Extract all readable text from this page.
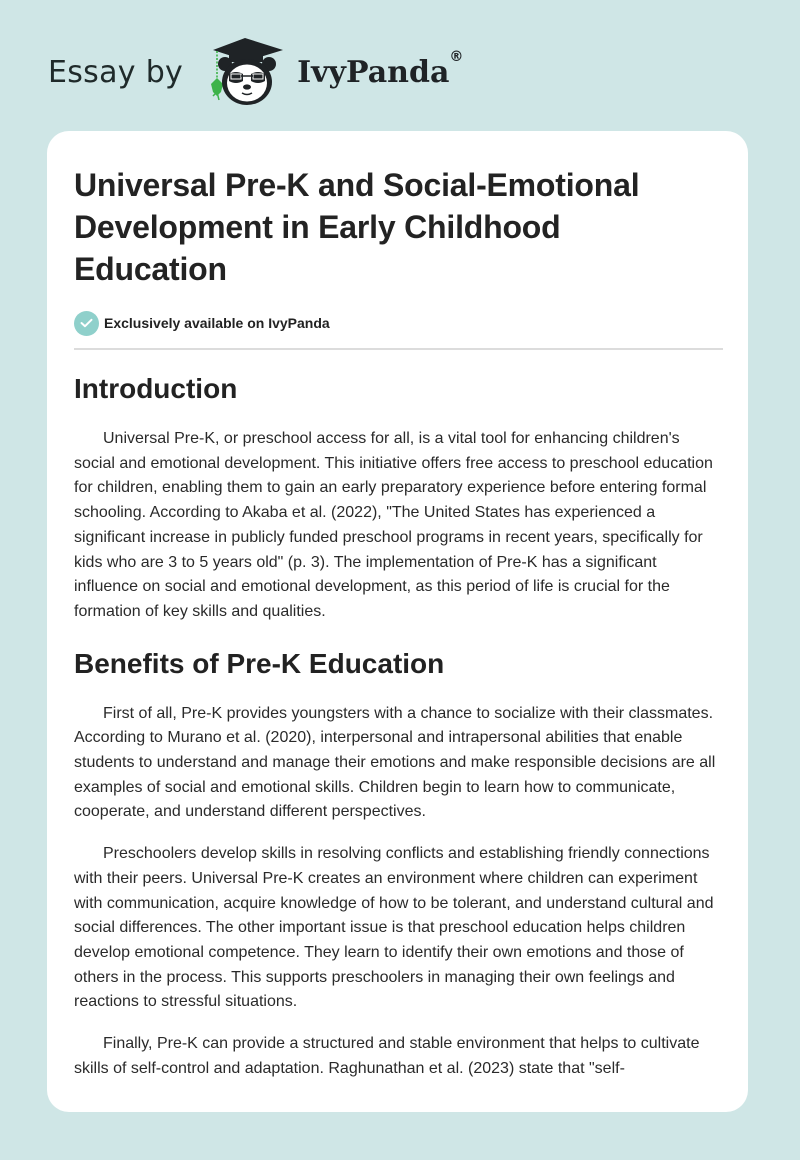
Essay by	IvyPanda®
Universal Pre-K and Social-Emotional Development in Early Childhood Education
Exclusively available on IvyPanda
Introduction

Universal Pre-K, or preschool access for all, is a vital tool for enhancing children's social and emotional development. This initiative offers free access to preschool education for children, enabling them to gain an early preparatory experience before entering formal schooling. According to Akaba et al. (2022), "The United States has experienced a significant increase in publicly funded preschool programs in recent years, specifically for kids who are 3 to 5 years old" (p. 3). The implementation of Pre-K has a significant influence on social and emotional development, as this period of life is crucial for the formation of key skills and qualities.

Benefits of Pre-K Education

First of all, Pre-K provides youngsters with a chance to socialize with their classmates. According to Murano et al. (2020), interpersonal and intrapersonal abilities that enable students to understand and manage their emotions and make responsible decisions are all examples of social and emotional skills. Children begin to learn how to communicate, cooperate, and understand different perspectives.

Preschoolers develop skills in resolving conflicts and establishing friendly connections with their peers. Universal Pre-K creates an environment where children can experiment with communication, acquire knowledge of how to be tolerant, and understand cultural and social differences. The other important issue is that preschool education helps children develop emotional competence. They learn to identify their own emotions and those of others in the process. This supports preschoolers in managing their own feelings and reactions to stressful situations.

Finally, Pre-K can provide a structured and stable environment that helps to cultivate skills of self-control and adaptation. Raghunathan et al. (2023) state that "self-
